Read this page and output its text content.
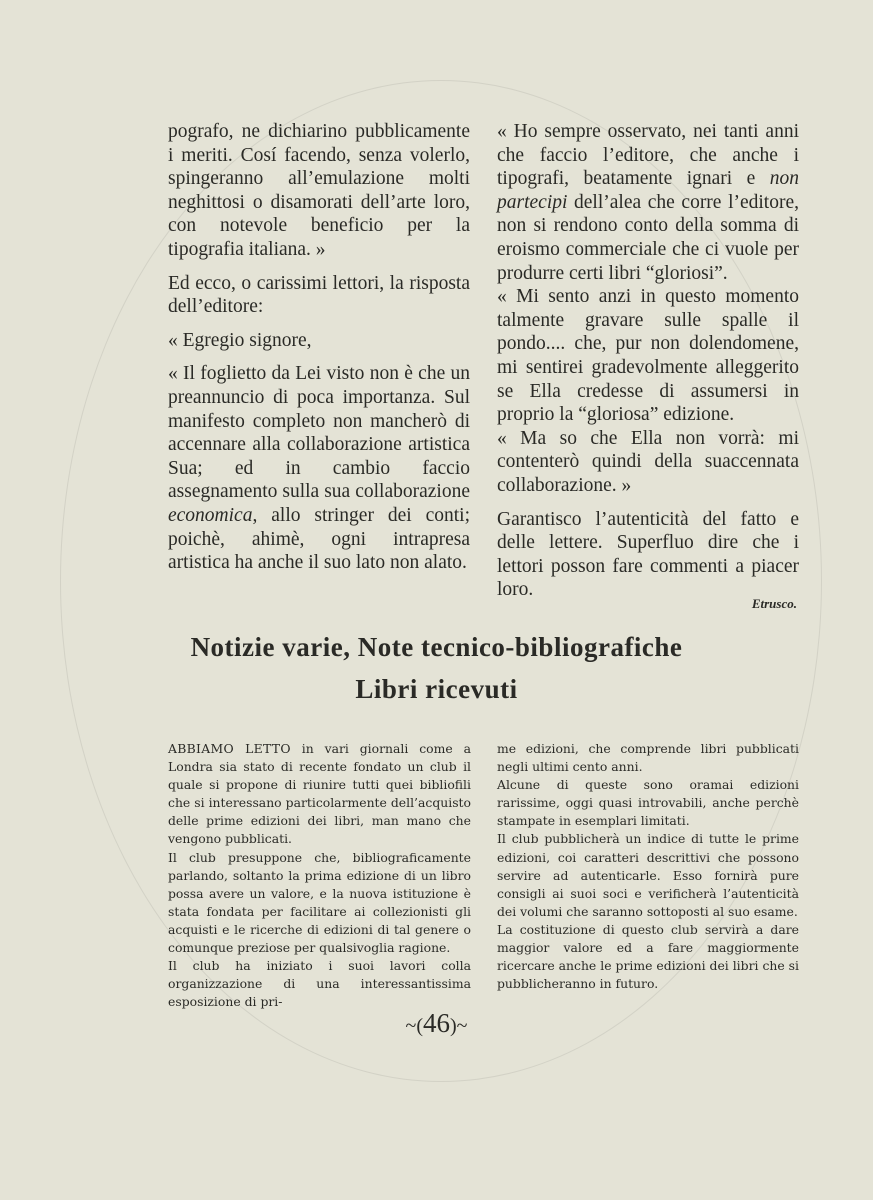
pografo, ne dichiarino pubblicamente i meriti. Cosí facendo, senza volerlo, spingeranno all’emulazione molti neghittosi o disamorati dell’arte loro, con notevole beneficio per la tipografia italiana. »

Ed ecco, o carissimi lettori, la risposta dell’editore:

« Egregio signore,

« Il foglietto da Lei visto non è che un preannuncio di poca importanza. Sul manifesto completo non mancherò di accennare alla collaborazione artistica Sua; ed in cambio faccio assegnamento sulla sua collaborazione economica, allo stringer dei conti; poichè, ahimè, ogni intrapresa artistica ha anche il suo lato non alato.

« Ho sempre osservato, nei tanti anni che faccio l’editore, che anche i tipografi, beatamente ignari e non partecipi dell’alea che corre l’editore, non si rendono conto della somma di eroismo commerciale che ci vuole per produrre certi libri “gloriosi”.

« Mi sento anzi in questo momento talmente gravare sulle spalle il pondo.... che, pur non dolendomene, mi sentirei gradevolmente alleggerito se Ella credesse di assumersi in proprio la “gloriosa” edizione.

« Ma so che Ella non vorrà: mi contenterò quindi della suaccennata collaborazione. »

Garantisco l’autenticità del fatto e delle lettere. Superfluo dire che i lettori posson fare commenti a piacer loro.

Etrusco.
Notizie varie, Note tecnico-bibliografiche
Libri ricevuti

ABBIAMO LETTO in vari giornali come a Londra sia stato di recente fondato un club il quale si propone di riunire tutti quei bibliofili che si interessano particolarmente dell’acquisto delle prime edizioni dei libri, man mano che vengono pubblicati.

Il club presuppone che, bibliograficamente parlando, soltanto la prima edizione di un libro possa avere un valore, e la nuova istituzione è stata fondata per facilitare ai collezionisti gli acquisti e le ricerche di edizioni di tal genere o comunque preziose per qualsivoglia ragione.

Il club ha iniziato i suoi lavori colla organizzazione di una interessantissima esposizione di pri-

me edizioni, che comprende libri pubblicati negli ultimi cento anni.

Alcune di queste sono oramai edizioni rarissime, oggi quasi introvabili, anche perchè stampate in esemplari limitati.

Il club pubblicherà un indice di tutte le prime edizioni, coi caratteri descrittivi che possono servire ad autenticarle. Esso fornirà pure consigli ai suoi soci e verificherà l’autenticità dei volumi che saranno sottoposti al suo esame.

La costituzione di questo club servirà a dare maggior valore ed a fare maggiormente ricercare anche le prime edizioni dei libri che si pubblicheranno in futuro.

~(46)~
